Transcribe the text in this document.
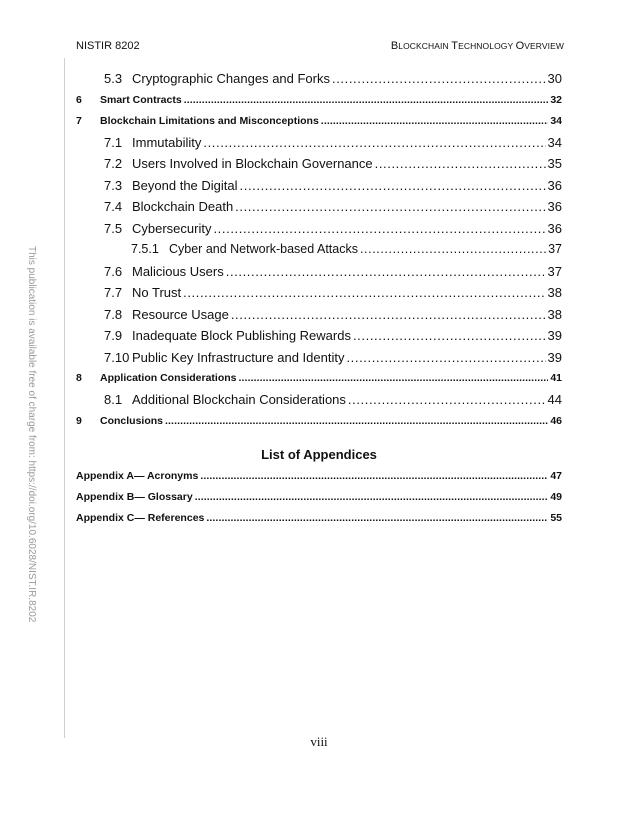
NISTIR 8202	BLOCKCHAIN TECHNOLOGY OVERVIEW
This publication is available free of charge from: https://doi.org/10.6028/NIST.IR.8202
5.3 Cryptographic Changes and Forks .....	30
6	Smart Contracts .....	32
7	Blockchain Limitations and Misconceptions .....	34
7.1 Immutability .....	34
7.2 Users Involved in Blockchain Governance .....	35
7.3 Beyond the Digital .....	36
7.4 Blockchain Death .....	36
7.5 Cybersecurity .....	36
7.5.1 Cyber and Network-based Attacks .....	37
7.6 Malicious Users .....	37
7.7 No Trust .....	38
7.8 Resource Usage .....	38
7.9 Inadequate Block Publishing Rewards .....	39
7.10 Public Key Infrastructure and Identity .....	39
8	Application Considerations .....	41
8.1 Additional Blockchain Considerations .....	44
9	Conclusions .....	46
List of Appendices
Appendix A— Acronyms .....	47
Appendix B— Glossary .....	49
Appendix C— References .....	55
viii
